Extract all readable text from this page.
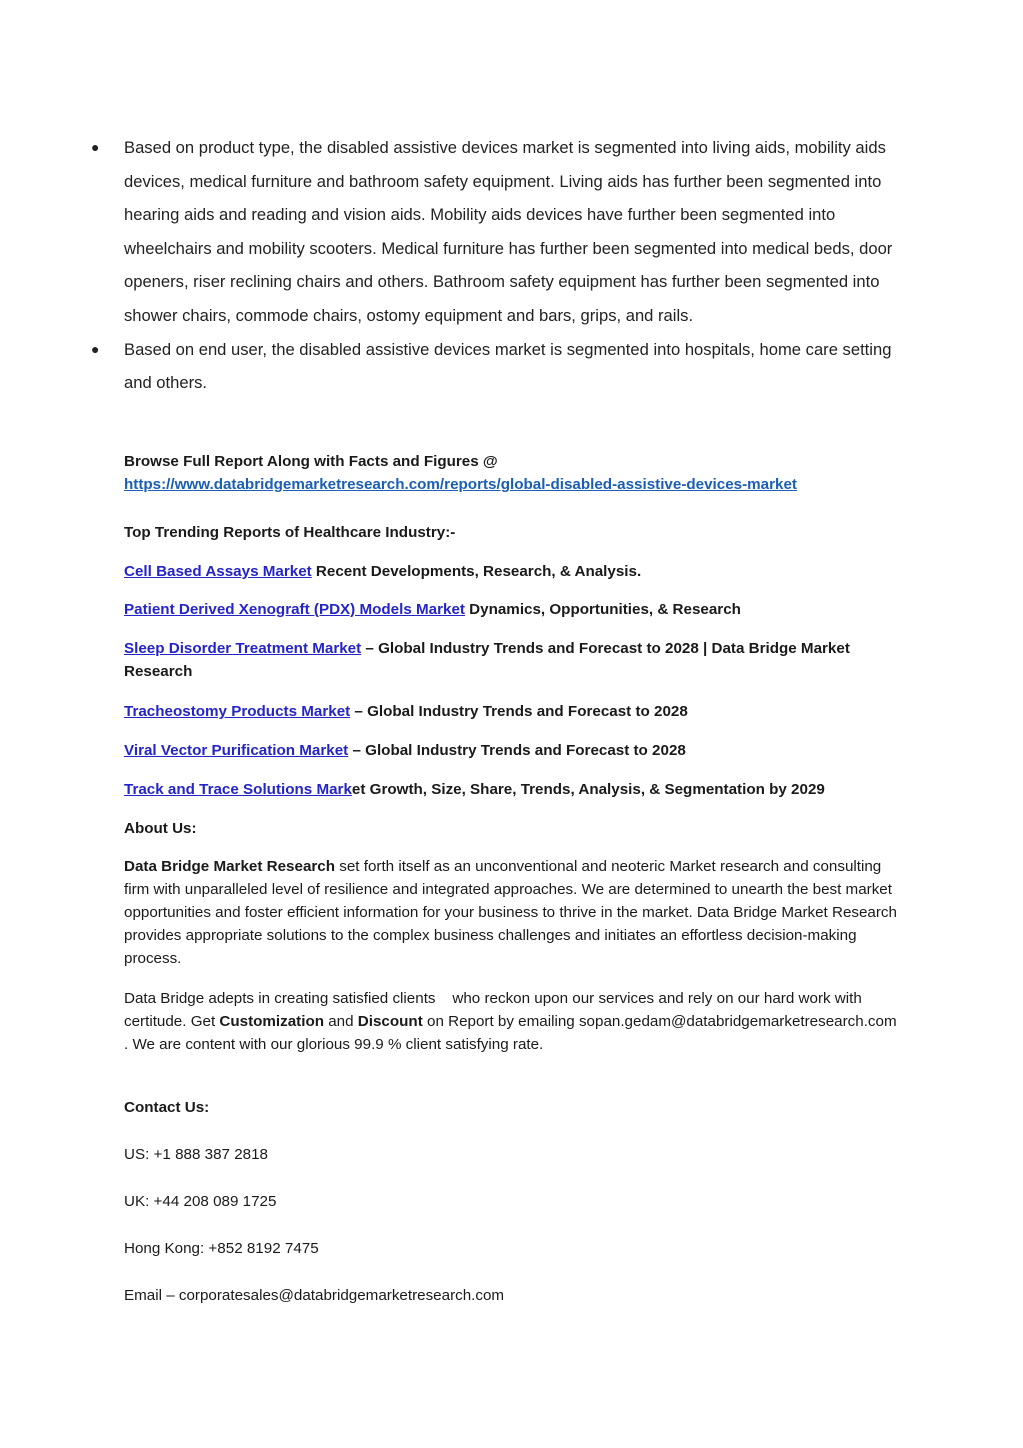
● Based on product type, the disabled assistive devices market is segmented into living aids, mobility aids devices, medical furniture and bathroom safety equipment. Living aids has further been segmented into hearing aids and reading and vision aids. Mobility aids devices have further been segmented into wheelchairs and mobility scooters. Medical furniture has further been segmented into medical beds, door openers, riser reclining chairs and others. Bathroom safety equipment has further been segmented into shower chairs, commode chairs, ostomy equipment and bars, grips, and rails.
● Based on end user, the disabled assistive devices market is segmented into hospitals, home care setting and others.
Browse Full Report Along with Facts and Figures @
https://www.databridgemarketresearch.com/reports/global-disabled-assistive-devices-market
Top Trending Reports of Healthcare Industry:-
Cell Based Assays Market Recent Developments, Research, & Analysis.
Patient Derived Xenograft (PDX) Models Market Dynamics, Opportunities, & Research
Sleep Disorder Treatment Market – Global Industry Trends and Forecast to 2028 | Data Bridge Market Research
Tracheostomy Products Market – Global Industry Trends and Forecast to 2028
Viral Vector Purification Market – Global Industry Trends and Forecast to 2028
Track and Trace Solutions Market Growth, Size, Share, Trends, Analysis, & Segmentation by 2029
About Us:
Data Bridge Market Research set forth itself as an unconventional and neoteric Market research and consulting firm with unparalleled level of resilience and integrated approaches. We are determined to unearth the best market opportunities and foster efficient information for your business to thrive in the market. Data Bridge Market Research provides appropriate solutions to the complex business challenges and initiates an effortless decision-making process.
Data Bridge adepts in creating satisfied clients    who reckon upon our services and rely on our hard work with certitude. Get Customization and Discount on Report by emailing sopan.gedam@databridgemarketresearch.com . We are content with our glorious 99.9 % client satisfying rate.
Contact Us:
US: +1 888 387 2818
UK: +44 208 089 1725
Hong Kong: +852 8192 7475
Email – corporatesales@databridgemarketresearch.com
